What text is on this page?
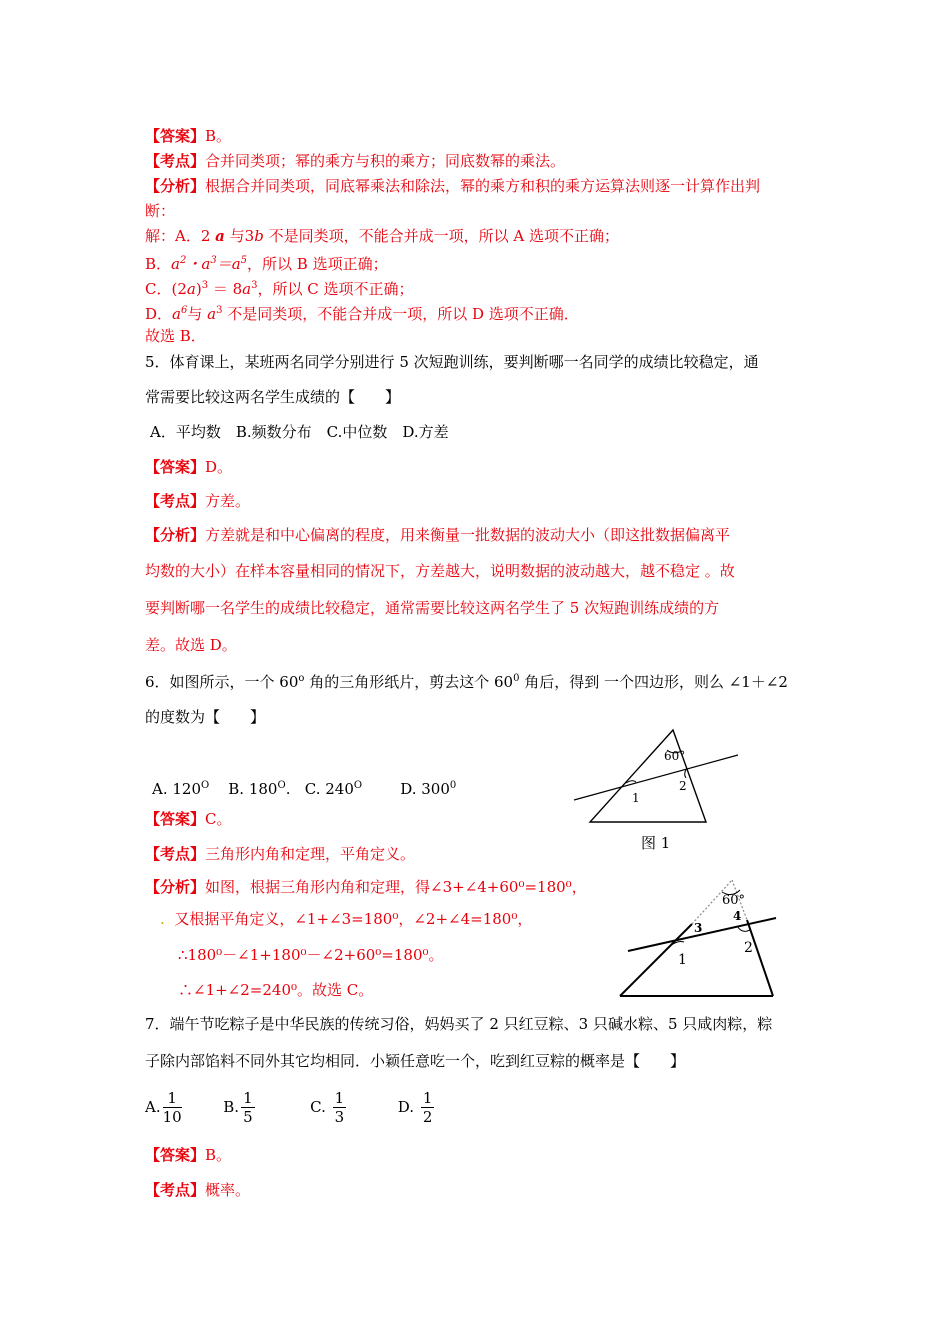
【答案】B。
【考点】合并同类项；幂的乘方与积的乘方；同底数幂的乘法。
【分析】根据合并同类项，同底幂乘法和除法，幂的乘方和积的乘方运算法则逐一计算作出判
断：
解：A．2 a 与3b 不是同类项，不能合并成一项，所以 A 选项不正确；
B．$a^2$・$a^3=a^5$，所以 B 选项正确；
C．$(2a)^3 = 8a^3$，所以 C 选项不正确；
D．$a^6$与 $a^3$ 不是同类项，不能合并成一项，所以 D 选项不正确．
故选 B．
5．体育课上，某班两名同学分别进行 5 次短跑训练，要判断哪一名同学的成绩比较稳定，通
常需要比较这两名学生成绩的【　　】
A．平均数　B.频数分布　C.中位数　D.方差
【答案】D。
【考点】方差。
【分析】方差就是和中心偏离的程度，用来衡量一批数据的波动大小（即这批数据偏离平
均数的大小）在样本容量相同的情况下，方差越大，说明数据的波动越大，越不稳定 。故
要判断哪一名学生的成绩比较稳定，通常需要比较这两名学生了 5 次短跑训练成绩的方
差。故选 D。
6．如图所示，一个 60$^o$ 角的三角形纸片，剪去这个 $60^0$ 角后，得到 一个四边形，则么 ∠1＋∠2
的度数为【　　】
A. $120^O$ B. $180^O$.   C. $240^O$	D. $300^0$
60°
1
2
图 1
【答案】C。
【考点】三角形内角和定理，平角定义。
【分析】如图，根据三角形内角和定理，得∠3+∠4+60⁰=180⁰，
. 又根据平角定义，∠1+∠3=180⁰，∠2+∠4=180⁰，
∴180⁰－∠1+180⁰－∠2+60⁰=180⁰。
∴∠1+∠2=240⁰。故选 C。
60°
1
2
3
4
7．端午节吃粽子是中华民族的传统习俗，妈妈买了 2 只红豆粽、3 只碱水粽、5 只咸肉粽，粽
子除内部馅料不同外其它均相同．小颖任意吃一个，吃到红豆粽的概率是【　　】
A. $\frac{1}{10}$	B. $\frac{1}{5}$	C. $\frac{1}{3}$	D. $\frac{1}{2}$
【答案】B。
【考点】概率。
